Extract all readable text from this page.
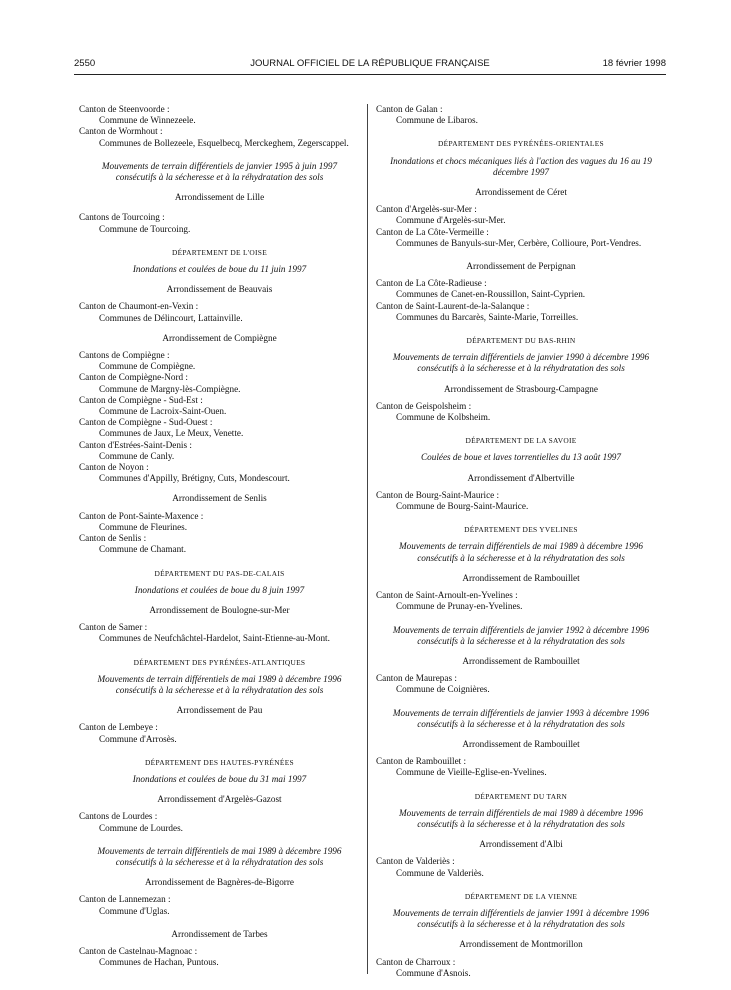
2550	JOURNAL OFFICIEL DE LA RÉPUBLIQUE FRANÇAISE	18 février 1998
Canton de Steenvoorde :
Commune de Winnezeele.
Canton de Wormhout :
Communes de Bollezeele, Esquelbecq, Merckeghem, Zegerscappel.
Mouvements de terrain différentiels de janvier 1995 à juin 1997 consécutifs à la sécheresse et à la réhydratation des sols
Arrondissement de Lille
Cantons de Tourcoing :
Commune de Tourcoing.
DÉPARTEMENT DE L'OISE
Inondations et coulées de boue du 11 juin 1997
Arrondissement de Beauvais
Canton de Chaumont-en-Vexin :
Communes de Délincourt, Lattainville.
Arrondissement de Compiègne
Cantons de Compiègne :
Commune de Compiègne.
Canton de Compiègne-Nord :
Commune de Margny-lès-Compiègne.
Canton de Compiègne - Sud-Est :
Commune de Lacroix-Saint-Ouen.
Canton de Compiègne - Sud-Ouest :
Communes de Jaux, Le Meux, Venette.
Canton d'Estrées-Saint-Denis :
Commune de Canly.
Canton de Noyon :
Communes d'Appilly, Brétigny, Cuts, Mondescourt.
Arrondissement de Senlis
Canton de Pont-Sainte-Maxence :
Commune de Fleurines.
Canton de Senlis :
Commune de Chamant.
DÉPARTEMENT DU PAS-DE-CALAIS
Inondations et coulées de boue du 8 juin 1997
Arrondissement de Boulogne-sur-Mer
Canton de Samer :
Communes de Neufchâchtel-Hardelot, Saint-Etienne-au-Mont.
DÉPARTEMENT DES PYRÉNÉES-ATLANTIQUES
Mouvements de terrain différentiels de mai 1989 à décembre 1996 consécutifs à la sécheresse et à la réhydratation des sols
Arrondissement de Pau
Canton de Lembeye :
Commune d'Arrosès.
DÉPARTEMENT DES HAUTES-PYRÉNÉES
Inondations et coulées de boue du 31 mai 1997
Arrondissement d'Argelès-Gazost
Cantons de Lourdes :
Commune de Lourdes.
Mouvements de terrain différentiels de mai 1989 à décembre 1996 consécutifs à la sécheresse et à la réhydratation des sols
Arrondissement de Bagnères-de-Bigorre
Canton de Lannemezan :
Commune d'Uglas.
Arrondissement de Tarbes
Canton de Castelnau-Magnoac :
Communes de Hachan, Puntous.
Canton de Galan :
Commune de Libaros.
DÉPARTEMENT DES PYRÉNÉES-ORIENTALES
Inondations et chocs mécaniques liés à l'action des vagues du 16 au 19 décembre 1997
Arrondissement de Céret
Canton d'Argelès-sur-Mer :
Commune d'Argelès-sur-Mer.
Canton de La Côte-Vermeille :
Communes de Banyuls-sur-Mer, Cerbère, Collioure, Port-Vendres.
Arrondissement de Perpignan
Canton de La Côte-Radieuse :
Communes de Canet-en-Roussillon, Saint-Cyprien.
Canton de Saint-Laurent-de-la-Salanque :
Communes du Barcarès, Sainte-Marie, Torreilles.
DÉPARTEMENT DU BAS-RHIN
Mouvements de terrain différentiels de janvier 1990 à décembre 1996 consécutifs à la sécheresse et à la réhydratation des sols
Arrondissement de Strasbourg-Campagne
Canton de Geispolsheim :
Commune de Kolbsheim.
DÉPARTEMENT DE LA SAVOIE
Coulées de boue et laves torrentielles du 13 août 1997
Arrondissement d'Albertville
Canton de Bourg-Saint-Maurice :
Commune de Bourg-Saint-Maurice.
DÉPARTEMENT DES YVELINES
Mouvements de terrain différentiels de mai 1989 à décembre 1996 consécutifs à la sécheresse et à la réhydratation des sols
Arrondissement de Rambouillet
Canton de Saint-Arnoult-en-Yvelines :
Commune de Prunay-en-Yvelines.
Mouvements de terrain différentiels de janvier 1992 à décembre 1996 consécutifs à la sécheresse et à la réhydratation des sols
Arrondissement de Rambouillet
Canton de Maurepas :
Commune de Coignières.
Mouvements de terrain différentiels de janvier 1993 à décembre 1996 consécutifs à la sécheresse et à la réhydratation des sols
Arrondissement de Rambouillet
Canton de Rambouillet :
Commune de Vieille-Eglise-en-Yvelines.
DÉPARTEMENT DU TARN
Mouvements de terrain différentiels de mai 1989 à décembre 1996 consécutifs à la sécheresse et à la réhydratation des sols
Arrondissement d'Albi
Canton de Valderiès :
Commune de Valderiès.
DÉPARTEMENT DE LA VIENNE
Mouvements de terrain différentiels de janvier 1991 à décembre 1996 consécutifs à la sécheresse et à la réhydratation des sols
Arrondissement de Montmorillon
Canton de Charroux :
Commune d'Asnois.
